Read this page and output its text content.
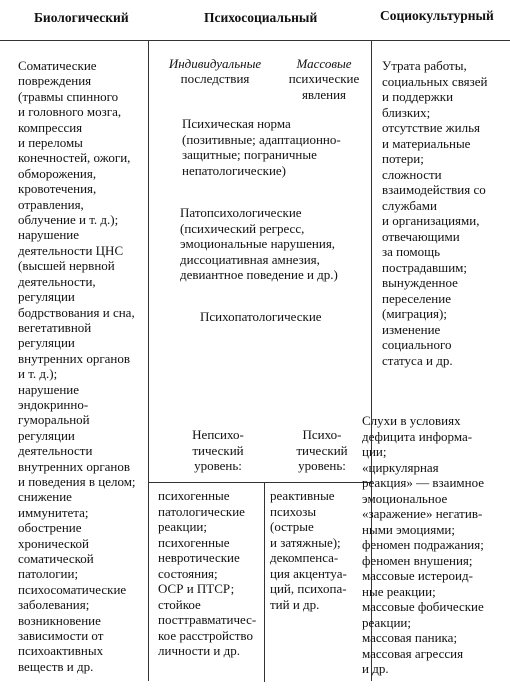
Биологический	Психосоциальный	Социокультурный
Соматические
повреждения
(травмы спинного
и головного мозга,
компрессия
и переломы
конечностей, ожоги,
обморожения,
кровотечения,
отравления,
облучение и т. д.);
нарушение
деятельности ЦНС
(высшей нервной
деятельности,
регуляции
бодрствования и сна,
вегетативной
регуляции
внутренних органов
и т. д.);
нарушение
эндокринно-
гуморальной
регуляции
деятельности
внутренних органов
и поведения в целом;
снижение
иммунитета;
обострение
хронической
соматической
патологии;
психосоматические
заболевания;
возникновение
зависимости от
психоактивных
веществ и др.
Индивидуальные
последствия
Массовые
психические
явления
Психическая норма
(позитивные; адаптационно-
защитные; пограничные
непатологические)
Патопсихологические
(психический регресс,
эмоциональные нарушения,
диссоциативная амнезия,
девиантное поведение и др.)
Психопатологические
Непсихо-
тический
уровень:
Психо-
тический
уровень:
психогенные
патологические
реакции;
психогенные
невротические
состояния;
ОСР и ПТСР;
стойкое
посттравматичес-
кое расстройство
личности и др.
реактивные
психозы
(острые
и затяжные);
декомпенса-
ция акцентуа-
ций, психопа-
тий и др.
Утрата работы,
социальных связей
и поддержки
близких;
отсутствие жилья
и материальные
потери;
сложности
взаимодействия со
службами
и организациями,
отвечающими
за помощь
пострадавшим;
вынужденное
переселение
(миграция);
изменение
социального
статуса и др.
Слухи в условиях
дефицита информа-
ции;
«циркулярная
реакция» — взаимное
эмоциональное
«заражение» негатив-
ными эмоциями;
феномен подражания;
феномен внушения;
массовые истероид-
ные реакции;
массовые фобические
реакции;
массовая паника;
массовая агрессия
и др.
